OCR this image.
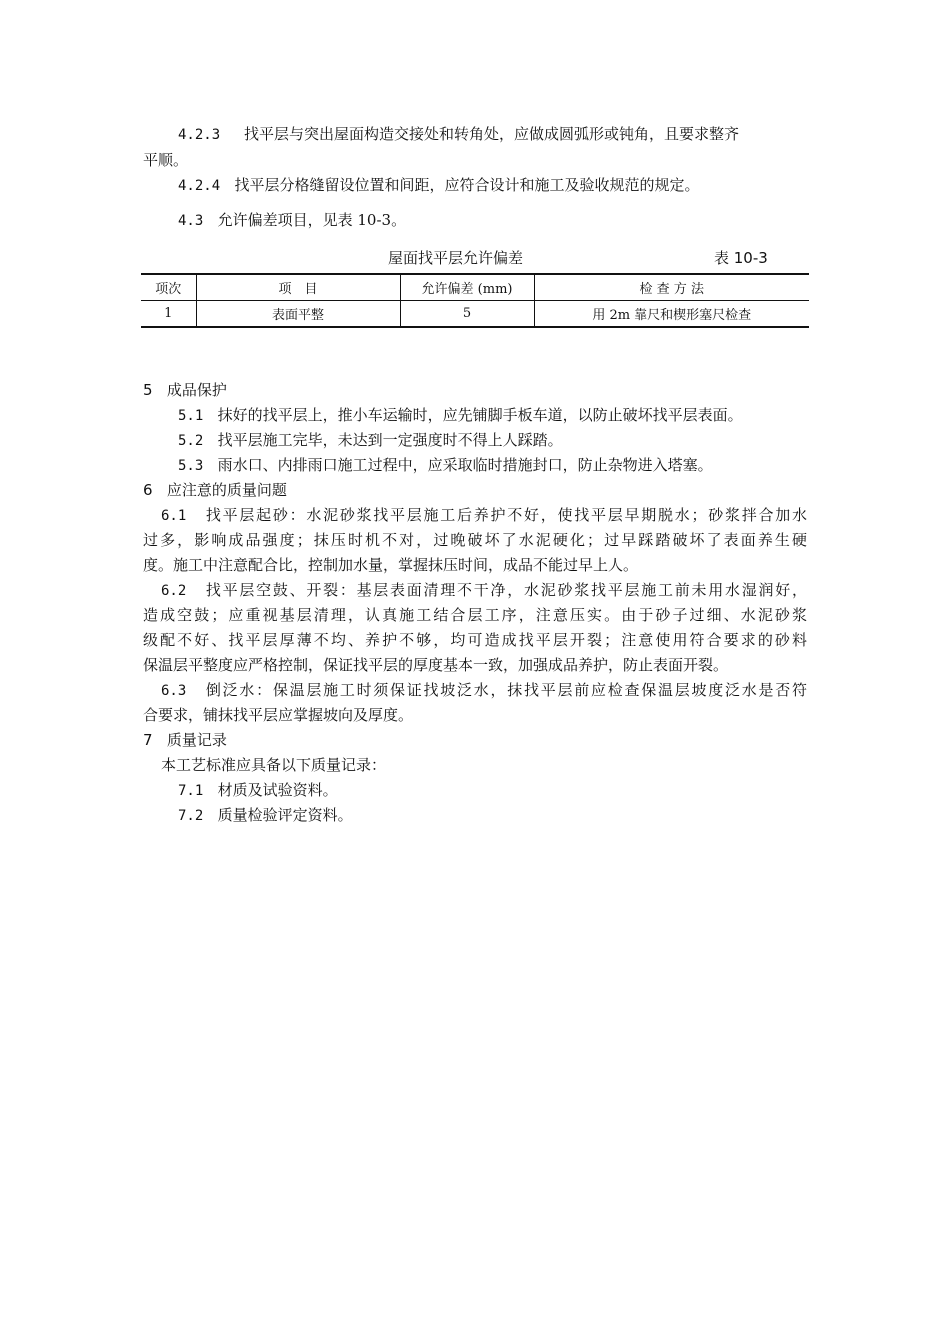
4.2.3 找平层与突出屋面构造交接处和转角处，应做成圆弧形或钝角，且要求整齐
平顺。
4.2.4 找平层分格缝留设位置和间距，应符合设计和施工及验收规范的规定。
4.3 允许偏差项目，见表 10-3。
屋面找平层允许偏差	表 10-3
项次	项　目	允许偏差 (mm)	检 查 方 法
1	表面平整	5	用 2m 靠尺和楔形塞尺检查
5 成品保护
5.1 抹好的找平层上，推小车运输时，应先铺脚手板车道，以防止破坏找平层表面。
5.2 找平层施工完毕，未达到一定强度时不得上人踩踏。
5.3 雨水口、内排雨口施工过程中，应采取临时措施封口，防止杂物进入塔塞。
6 应注意的质量问题
6.1 找平层起砂：水泥砂浆找平层施工后养护不好，使找平层早期脱水；砂浆拌合加水
过多，影响成品强度；抹压时机不对，过晚破坏了水泥硬化；过早踩踏破坏了表面养生硬
度。施工中注意配合比，控制加水量，掌握抹压时间，成品不能过早上人。
6.2 找平层空鼓、开裂：基层表面清理不干净，水泥砂浆找平层施工前未用水湿润好，
造成空鼓；应重视基层清理，认真施工结合层工序，注意压实。由于砂子过细、水泥砂浆
级配不好、找平层厚薄不均、养护不够，均可造成找平层开裂；注意使用符合要求的砂料
保温层平整度应严格控制，保证找平层的厚度基本一致，加强成品养护，防止表面开裂。
6.3 倒泛水：保温层施工时须保证找坡泛水，抹找平层前应检查保温层坡度泛水是否符
合要求，铺抹找平层应掌握坡向及厚度。
7 质量记录
本工艺标准应具备以下质量记录：
7.1 材质及试验资料。
7.2 质量检验评定资料。
